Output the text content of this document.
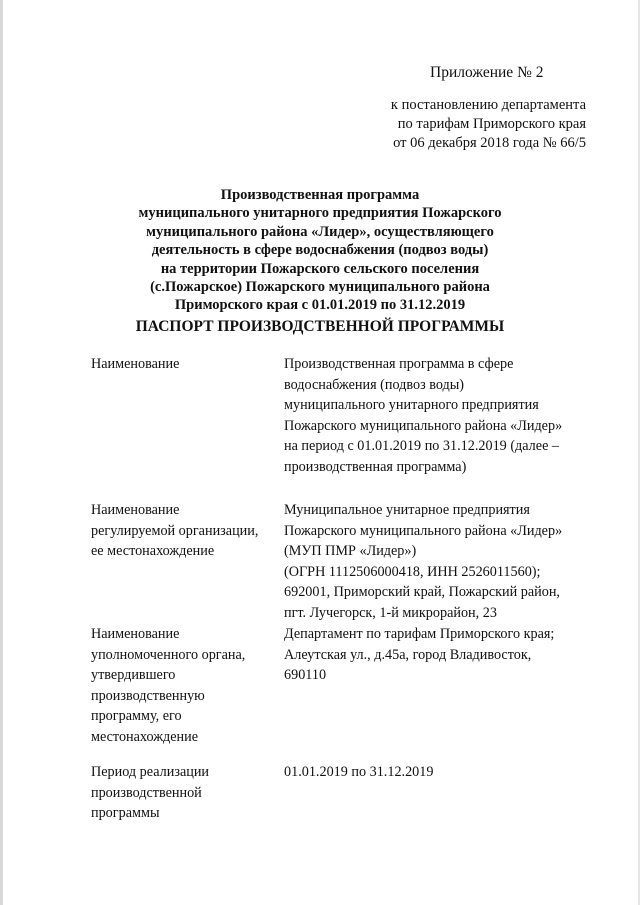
Приложение № 2
к постановлению департамента
по тарифам Приморского края
от 06 декабря 2018 года № 66/5
Производственная программа
муниципального унитарного предприятия Пожарского
муниципального района «Лидер», осуществляющего
деятельность в сфере водоснабжения (подвоз воды)
на территории Пожарского сельского поселения
(с.Пожарское) Пожарского муниципального района
Приморского края с 01.01.2019 по 31.12.2019
ПАСПОРТ ПРОИЗВОДСТВЕННОЙ ПРОГРАММЫ
Наименование	Производственная программа в сфере
водоснабжения (подвоз воды)
муниципального унитарного предприятия
Пожарского муниципального района «Лидер»
на период с 01.01.2019 по 31.12.2019 (далее –
производственная программа)
Наименование
регулируемой организации,
ее местонахождение
Муниципальное унитарное предприятия
Пожарского муниципального района «Лидер»
(МУП ПМР «Лидер»)
(ОГРН 1112506000418, ИНН 2526011560);
692001, Приморский край, Пожарский район,
пгт. Лучегорск, 1-й микрорайон, 23
Наименование
уполномоченного органа,
утвердившего
производственную
программу, его
местонахождение
Департамент по тарифам Приморского края;
Алеутская ул., д.45а, город Владивосток,
690110
Период реализации
производственной
программы
01.01.2019 по 31.12.2019
